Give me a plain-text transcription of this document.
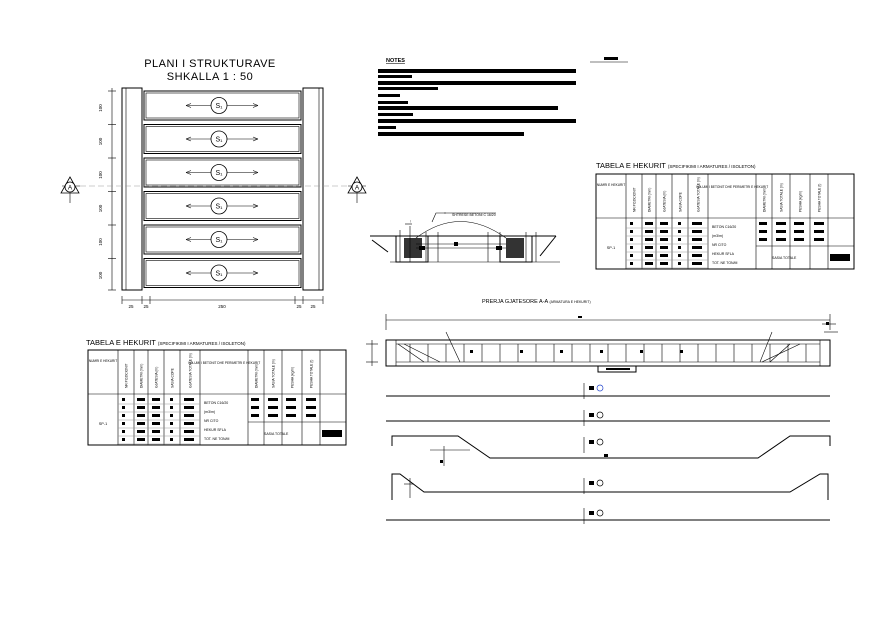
PLANI I STRUKTURAVE
SHKALLA 1 : 50
S₁
S₁
S₁
S₁
S₁
S₁
100
100
100
100
100
100
25 25	250	25 25
A	A
NOTES
TABELA E HEKURIT (SPECIFIKIMI I ARMATURES / ISOLETON)
NUMRI E HEKURIT
NR POZICIONIT	DIAMETRI (mm)	GJATESIA (m)	SASIA COPE	GJATESIA TOTALE (m)
VOLUMI I BETONIT DHE PERIMETRI E HEKURIT
DIAMETRI (mm)	SASIA TOTALE (m)	PESHA (kg/m)	PESHA TOTALE (t)
SP-1
BETON C16/20
(m3/m)
NR CITO
HEKUR SFLA
TOT. NE TON/M
SASIA TOTALE
TABELA E HEKURIT (SPECIFIKIMI I ARMATURES / ISOLETON)
NUMRI E HEKURIT
NR POZICIONIT	DIAMETRI (mm)	GJATESIA (m)	SASIA COPE	GJATESIA TOTALE (m)
VOLUMI I BETONIT DHE PERIMETRI E HEKURIT
DIAMETRI (mm)	SASIA TOTALE (m)	PESHA (kg/m)	PESHA TOTALE (t)
SP-1
BETON C16/20
(m3/m)
NR CITO
HEKUR SFLA
TOT. NE TON/M
SASIA TOTALE
SHTRESE BETONI C 16/20
|
PRERJA GJATESORE A-A (ARMATURA E HEKURIT)
